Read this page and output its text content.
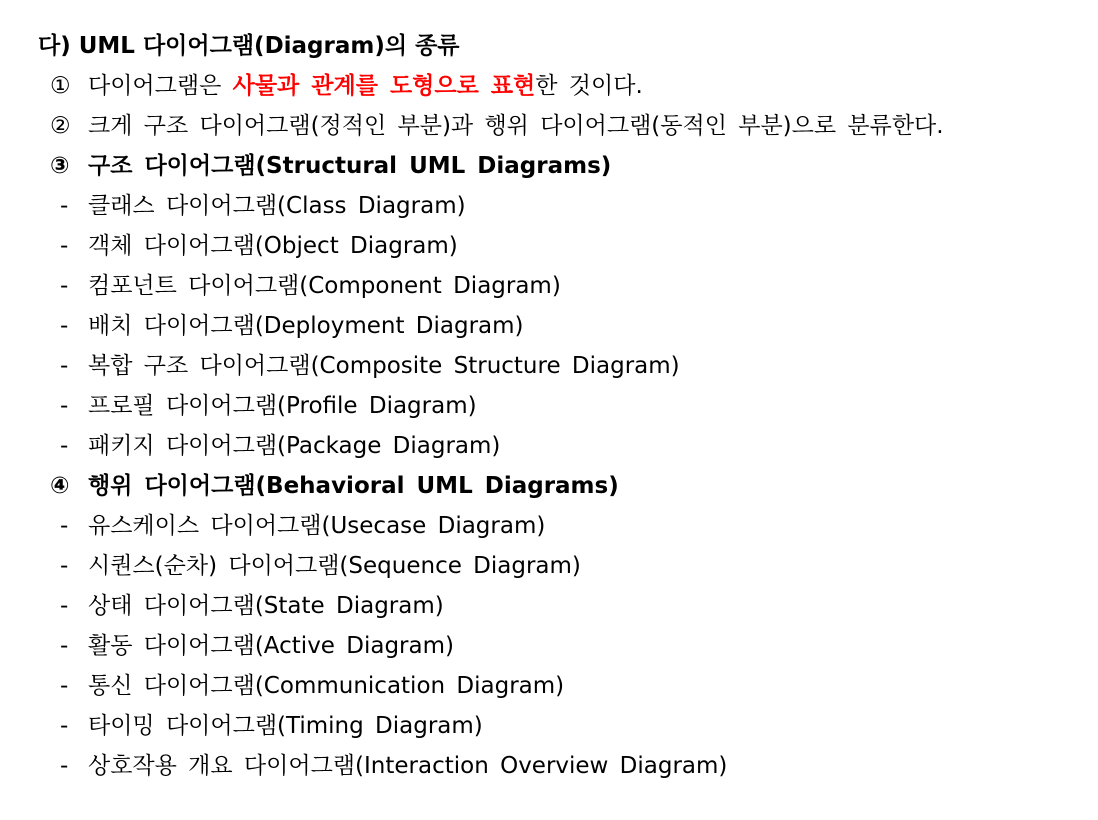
다) UML 다이어그램(Diagram)의 종류
① 다이어그램은 사물과 관계를 도형으로 표현한 것이다.
② 크게 구조 다이어그램(정적인 부분)과 행위 다이어그램(동적인 부분)으로 분류한다.
③ 구조 다이어그램(Structural UML Diagrams)
- 클래스 다이어그램(Class Diagram)
- 객체 다이어그램(Object Diagram)
- 컴포넌트 다이어그램(Component Diagram)
- 배치 다이어그램(Deployment Diagram)
- 복합 구조 다이어그램(Composite Structure Diagram)
- 프로필 다이어그램(Profile Diagram)
- 패키지 다이어그램(Package Diagram)
④ 행위 다이어그램(Behavioral UML Diagrams)
- 유스케이스 다이어그램(Usecase Diagram)
- 시퀀스(순차) 다이어그램(Sequence Diagram)
- 상태 다이어그램(State Diagram)
- 활동 다이어그램(Active Diagram)
- 통신 다이어그램(Communication Diagram)
- 타이밍 다이어그램(Timing Diagram)
- 상호작용 개요 다이어그램(Interaction Overview Diagram)
